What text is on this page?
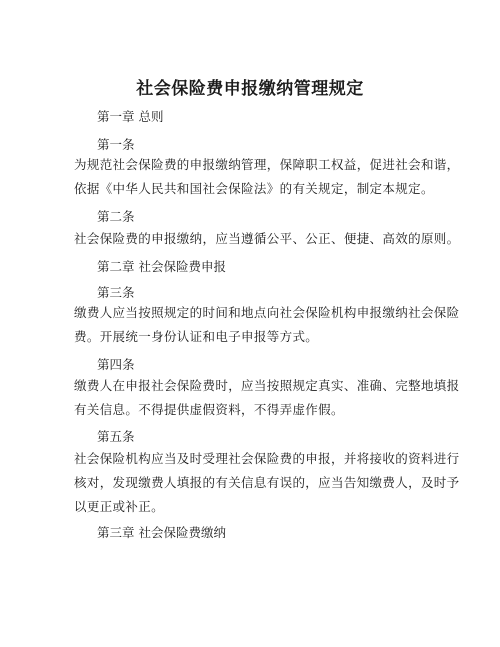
社会保险费申报缴纳管理规定
第一章 总则
第一条
为规范社会保险费的申报缴纳管理，保障职工权益，促进社会和谐，
依据《中华人民共和国社会保险法》的有关规定，制定本规定。
第二条
社会保险费的申报缴纳，应当遵循公平、公正、便捷、高效的原则。
第二章 社会保险费申报
第三条
缴费人应当按照规定的时间和地点向社会保险机构申报缴纳社会保险
费。开展统一身份认证和电子申报等方式。
第四条
缴费人在申报社会保险费时，应当按照规定真实、准确、完整地填报
有关信息。不得提供虚假资料，不得弄虚作假。
第五条
社会保险机构应当及时受理社会保险费的申报，并将接收的资料进行
核对，发现缴费人填报的有关信息有误的，应当告知缴费人，及时予
以更正或补正。
第三章 社会保险费缴纳
